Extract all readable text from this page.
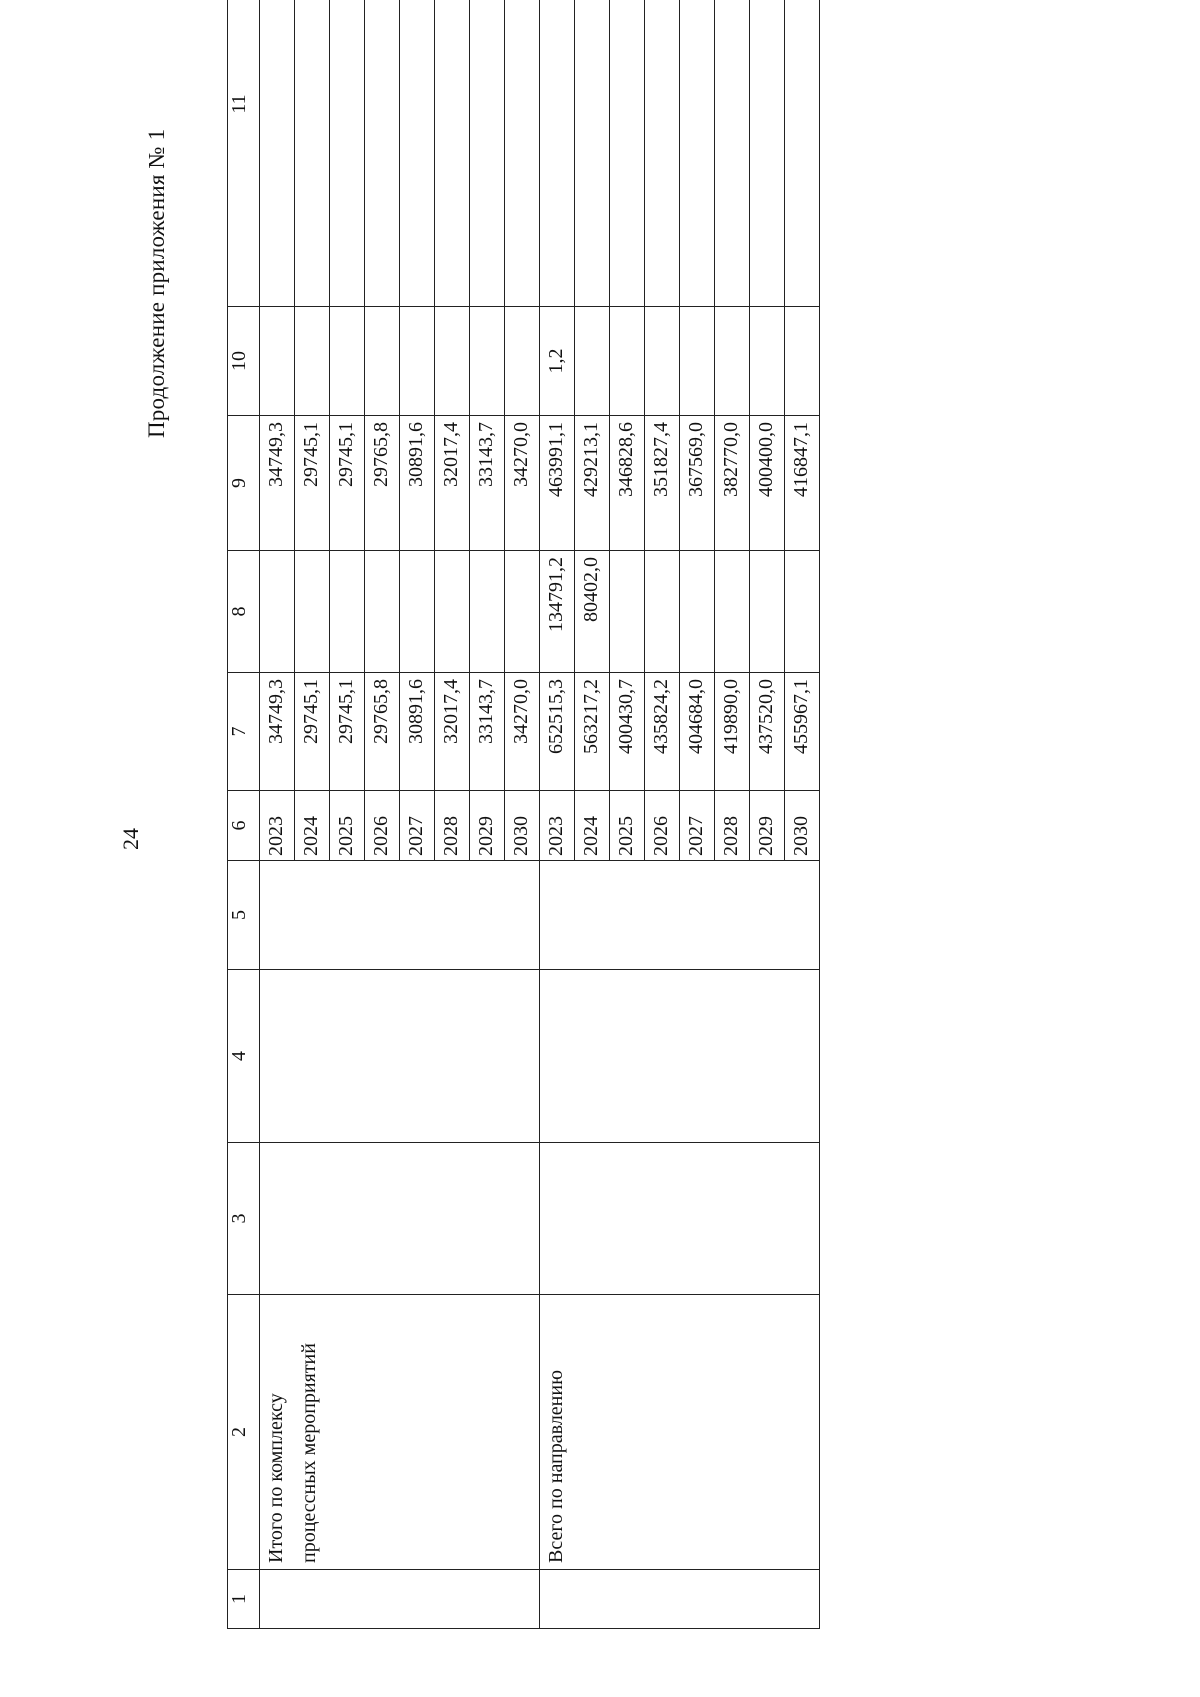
24
Продолжение приложения № 1
1	2	3	4	5	6	7	8	9	10	11

	Итого по комплексу процессных мероприятий				2023	34749,3		34749,3		
					2024	29745,1		29745,1		
					2025	29745,1		29745,1		
					2026	29765,8		29765,8		
					2027	30891,6		30891,6		
					2028	32017,4		32017,4		
					2029	33143,7		33143,7		
					2030	34270,0		34270,0		

	Всего по направлению				2023	652515,3	134791,2	463991,1	1,2	
					2024	563217,2	80402,0	429213,1		
					2025	400430,7		346828,6		
					2026	435824,2		351827,4		
					2027	404684,0		367569,0		
					2028	419890,0		382770,0		
					2029	437520,0		400400,0		
					2030	455967,1		416847,1		
